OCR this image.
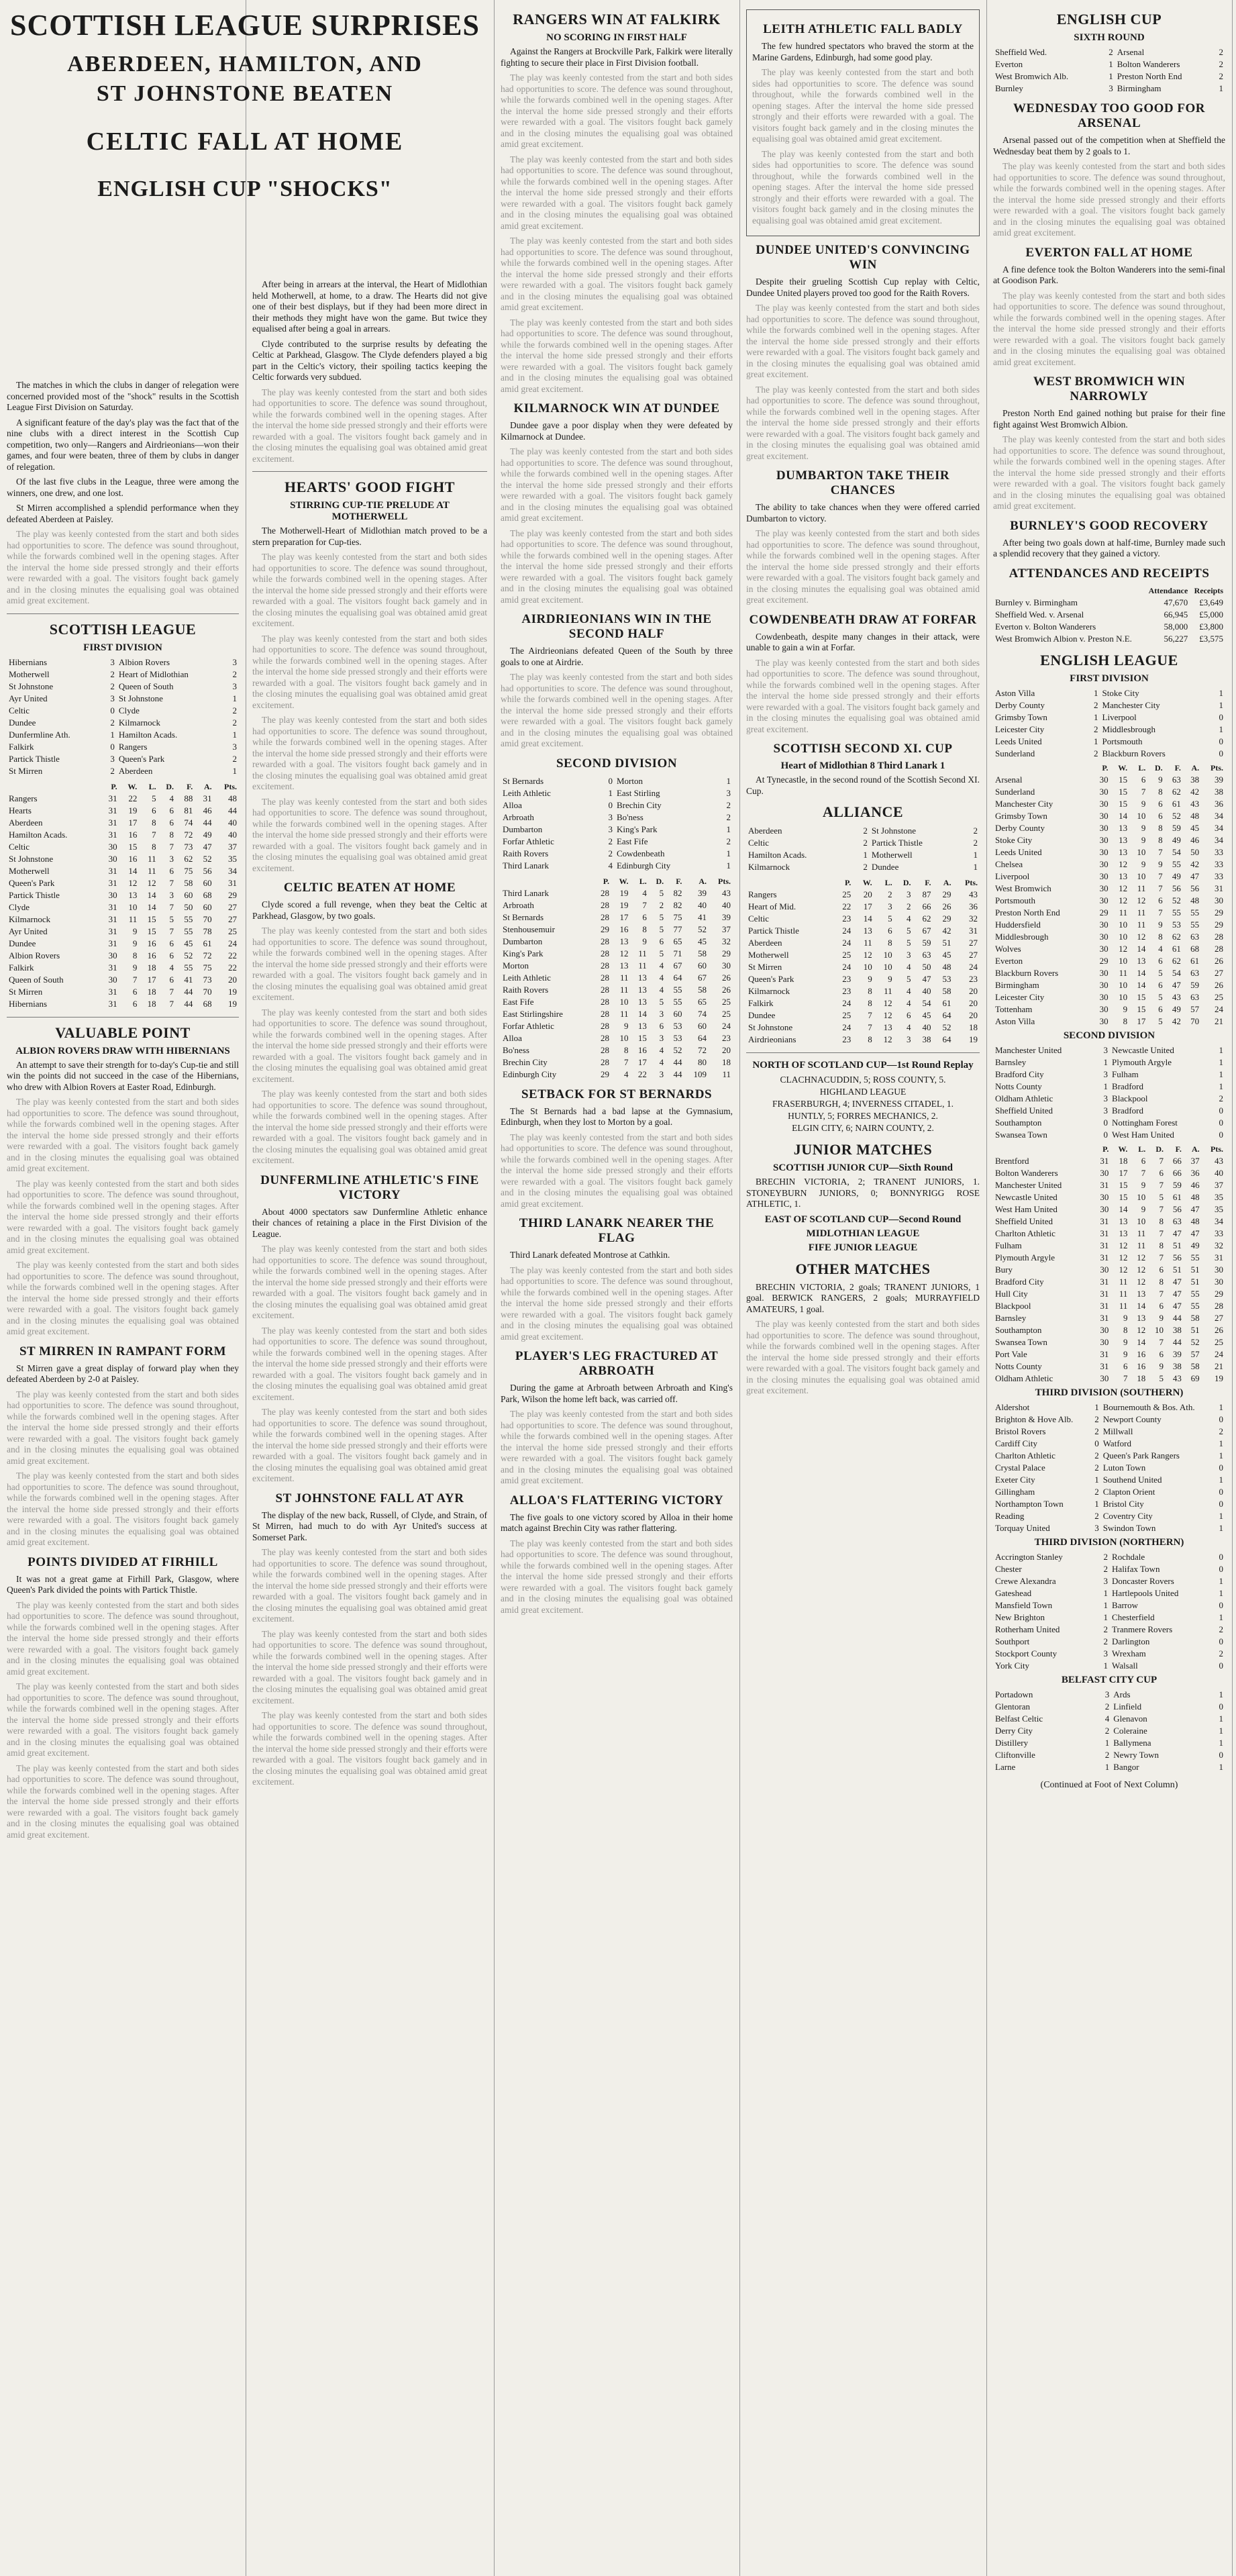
SCOTTISH LEAGUE SURPRISES
ABERDEEN, HAMILTON, AND
ST JOHNSTONE BEATEN
CELTIC FALL AT HOME
ENGLISH CUP "SHOCKS"

The matches in which the clubs in danger of relegation were concerned provided most of the "shock" results in the Scottish League First Division on Saturday.

A significant feature of the day's play was the fact that of the nine clubs with a direct interest in the Scottish Cup competition, two only—Rangers and Airdrieonians—won their games, and four were beaten, three of them by clubs in danger of relegation.

Of the last five clubs in the League, three were among the winners, one drew, and one lost.

St Mirren accomplished a splendid performance when they defeated Aberdeen at Paisley.

The play was keenly contested from the start and both sides had opportunities to score. The defence was sound throughout, while the forwards combined well in the opening stages. After the interval the home side pressed strongly and their efforts were rewarded with a goal. The visitors fought back gamely and in the closing minutes the equalising goal was obtained amid great excitement.

SCOTTISH LEAGUE
FIRST DIVISION
Hibernians	3	Albion Rovers	3
Motherwell	2	Heart of Midlothian	2
St Johnstone	2	Queen of South	3
Ayr United	3	St Johnstone	1
Celtic	0	Clyde	2
Dundee	2	Kilmarnock	2
Dunfermline Ath.	1	Hamilton Acads.	1
Falkirk	0	Rangers	3
Partick Thistle	3	Queen's Park	2
St Mirren	2	Aberdeen	1
	P.	W.	L.	D.	F.	A.	Pts.
Rangers	31	22	5	4	88	31	48
Hearts	31	19	6	6	81	46	44
Aberdeen	31	17	8	6	74	44	40
Hamilton Acads.	31	16	7	8	72	49	40
Celtic	30	15	8	7	73	47	37
St Johnstone	30	16	11	3	62	52	35
Motherwell	31	14	11	6	75	56	34
Queen's Park	31	12	12	7	58	60	31
Partick Thistle	30	13	14	3	60	68	29
Clyde	31	10	14	7	50	60	27
Kilmarnock	31	11	15	5	55	70	27
Ayr United	31	9	15	7	55	78	25
Dundee	31	9	16	6	45	61	24
Albion Rovers	30	8	16	6	52	72	22
Falkirk	31	9	18	4	55	75	22
Queen of South	30	7	17	6	41	73	20
St Mirren	31	6	18	7	44	70	19
Hibernians	31	6	18	7	44	68	19
VALUABLE POINT
ALBION ROVERS DRAW WITH HIBERNIANS

An attempt to save their strength for to-day's Cup-tie and still win the points did not succeed in the case of the Hibernians, who drew with Albion Rovers at Easter Road, Edinburgh.

The play was keenly contested from the start and both sides had opportunities to score. The defence was sound throughout, while the forwards combined well in the opening stages. After the interval the home side pressed strongly and their efforts were rewarded with a goal. The visitors fought back gamely and in the closing minutes the equalising goal was obtained amid great excitement.

The play was keenly contested from the start and both sides had opportunities to score. The defence was sound throughout, while the forwards combined well in the opening stages. After the interval the home side pressed strongly and their efforts were rewarded with a goal. The visitors fought back gamely and in the closing minutes the equalising goal was obtained amid great excitement.

The play was keenly contested from the start and both sides had opportunities to score. The defence was sound throughout, while the forwards combined well in the opening stages. After the interval the home side pressed strongly and their efforts were rewarded with a goal. The visitors fought back gamely and in the closing minutes the equalising goal was obtained amid great excitement.

ST MIRREN IN RAMPANT FORM

St Mirren gave a great display of forward play when they defeated Aberdeen by 2-0 at Paisley.

The play was keenly contested from the start and both sides had opportunities to score. The defence was sound throughout, while the forwards combined well in the opening stages. After the interval the home side pressed strongly and their efforts were rewarded with a goal. The visitors fought back gamely and in the closing minutes the equalising goal was obtained amid great excitement.

The play was keenly contested from the start and both sides had opportunities to score. The defence was sound throughout, while the forwards combined well in the opening stages. After the interval the home side pressed strongly and their efforts were rewarded with a goal. The visitors fought back gamely and in the closing minutes the equalising goal was obtained amid great excitement.

POINTS DIVIDED AT FIRHILL

It was not a great game at Firhill Park, Glasgow, where Queen's Park divided the points with Partick Thistle.

The play was keenly contested from the start and both sides had opportunities to score. The defence was sound throughout, while the forwards combined well in the opening stages. After the interval the home side pressed strongly and their efforts were rewarded with a goal. The visitors fought back gamely and in the closing minutes the equalising goal was obtained amid great excitement.

The play was keenly contested from the start and both sides had opportunities to score. The defence was sound throughout, while the forwards combined well in the opening stages. After the interval the home side pressed strongly and their efforts were rewarded with a goal. The visitors fought back gamely and in the closing minutes the equalising goal was obtained amid great excitement.

The play was keenly contested from the start and both sides had opportunities to score. The defence was sound throughout, while the forwards combined well in the opening stages. After the interval the home side pressed strongly and their efforts were rewarded with a goal. The visitors fought back gamely and in the closing minutes the equalising goal was obtained amid great excitement.

After being in arrears at the interval, the Heart of Midlothian held Motherwell, at home, to a draw. The Hearts did not give one of their best displays, but if they had been more direct in their methods they might have won the game. But twice they equalised after being a goal in arrears.

Clyde contributed to the surprise results by defeating the Celtic at Parkhead, Glasgow. The Clyde defenders played a big part in the Celtic's victory, their spoiling tactics keeping the Celtic forwards very subdued.

The play was keenly contested from the start and both sides had opportunities to score. The defence was sound throughout, while the forwards combined well in the opening stages. After the interval the home side pressed strongly and their efforts were rewarded with a goal. The visitors fought back gamely and in the closing minutes the equalising goal was obtained amid great excitement.

HEARTS' GOOD FIGHT
STIRRING CUP-TIE PRELUDE AT MOTHERWELL

The Motherwell-Heart of Midlothian match proved to be a stern preparation for Cup-ties.

The play was keenly contested from the start and both sides had opportunities to score. The defence was sound throughout, while the forwards combined well in the opening stages. After the interval the home side pressed strongly and their efforts were rewarded with a goal. The visitors fought back gamely and in the closing minutes the equalising goal was obtained amid great excitement.

The play was keenly contested from the start and both sides had opportunities to score. The defence was sound throughout, while the forwards combined well in the opening stages. After the interval the home side pressed strongly and their efforts were rewarded with a goal. The visitors fought back gamely and in the closing minutes the equalising goal was obtained amid great excitement.

The play was keenly contested from the start and both sides had opportunities to score. The defence was sound throughout, while the forwards combined well in the opening stages. After the interval the home side pressed strongly and their efforts were rewarded with a goal. The visitors fought back gamely and in the closing minutes the equalising goal was obtained amid great excitement.

The play was keenly contested from the start and both sides had opportunities to score. The defence was sound throughout, while the forwards combined well in the opening stages. After the interval the home side pressed strongly and their efforts were rewarded with a goal. The visitors fought back gamely and in the closing minutes the equalising goal was obtained amid great excitement.

CELTIC BEATEN AT HOME

Clyde scored a full revenge, when they beat the Celtic at Parkhead, Glasgow, by two goals.

The play was keenly contested from the start and both sides had opportunities to score. The defence was sound throughout, while the forwards combined well in the opening stages. After the interval the home side pressed strongly and their efforts were rewarded with a goal. The visitors fought back gamely and in the closing minutes the equalising goal was obtained amid great excitement.

The play was keenly contested from the start and both sides had opportunities to score. The defence was sound throughout, while the forwards combined well in the opening stages. After the interval the home side pressed strongly and their efforts were rewarded with a goal. The visitors fought back gamely and in the closing minutes the equalising goal was obtained amid great excitement.

The play was keenly contested from the start and both sides had opportunities to score. The defence was sound throughout, while the forwards combined well in the opening stages. After the interval the home side pressed strongly and their efforts were rewarded with a goal. The visitors fought back gamely and in the closing minutes the equalising goal was obtained amid great excitement.

DUNFERMLINE ATHLETIC'S FINE VICTORY

About 4000 spectators saw Dunfermline Athletic enhance their chances of retaining a place in the First Division of the League.

The play was keenly contested from the start and both sides had opportunities to score. The defence was sound throughout, while the forwards combined well in the opening stages. After the interval the home side pressed strongly and their efforts were rewarded with a goal. The visitors fought back gamely and in the closing minutes the equalising goal was obtained amid great excitement.

The play was keenly contested from the start and both sides had opportunities to score. The defence was sound throughout, while the forwards combined well in the opening stages. After the interval the home side pressed strongly and their efforts were rewarded with a goal. The visitors fought back gamely and in the closing minutes the equalising goal was obtained amid great excitement.

The play was keenly contested from the start and both sides had opportunities to score. The defence was sound throughout, while the forwards combined well in the opening stages. After the interval the home side pressed strongly and their efforts were rewarded with a goal. The visitors fought back gamely and in the closing minutes the equalising goal was obtained amid great excitement.

ST JOHNSTONE FALL AT AYR

The display of the new back, Russell, of Clyde, and Strain, of St Mirren, had much to do with Ayr United's success at Somerset Park.

The play was keenly contested from the start and both sides had opportunities to score. The defence was sound throughout, while the forwards combined well in the opening stages. After the interval the home side pressed strongly and their efforts were rewarded with a goal. The visitors fought back gamely and in the closing minutes the equalising goal was obtained amid great excitement.

The play was keenly contested from the start and both sides had opportunities to score. The defence was sound throughout, while the forwards combined well in the opening stages. After the interval the home side pressed strongly and their efforts were rewarded with a goal. The visitors fought back gamely and in the closing minutes the equalising goal was obtained amid great excitement.

The play was keenly contested from the start and both sides had opportunities to score. The defence was sound throughout, while the forwards combined well in the opening stages. After the interval the home side pressed strongly and their efforts were rewarded with a goal. The visitors fought back gamely and in the closing minutes the equalising goal was obtained amid great excitement.

RANGERS WIN AT FALKIRK
NO SCORING IN FIRST HALF

Against the Rangers at Brockville Park, Falkirk were literally fighting to secure their place in First Division football.

The play was keenly contested from the start and both sides had opportunities to score. The defence was sound throughout, while the forwards combined well in the opening stages. After the interval the home side pressed strongly and their efforts were rewarded with a goal. The visitors fought back gamely and in the closing minutes the equalising goal was obtained amid great excitement.

The play was keenly contested from the start and both sides had opportunities to score. The defence was sound throughout, while the forwards combined well in the opening stages. After the interval the home side pressed strongly and their efforts were rewarded with a goal. The visitors fought back gamely and in the closing minutes the equalising goal was obtained amid great excitement.

The play was keenly contested from the start and both sides had opportunities to score. The defence was sound throughout, while the forwards combined well in the opening stages. After the interval the home side pressed strongly and their efforts were rewarded with a goal. The visitors fought back gamely and in the closing minutes the equalising goal was obtained amid great excitement.

The play was keenly contested from the start and both sides had opportunities to score. The defence was sound throughout, while the forwards combined well in the opening stages. After the interval the home side pressed strongly and their efforts were rewarded with a goal. The visitors fought back gamely and in the closing minutes the equalising goal was obtained amid great excitement.

KILMARNOCK WIN AT DUNDEE

Dundee gave a poor display when they were defeated by Kilmarnock at Dundee.

The play was keenly contested from the start and both sides had opportunities to score. The defence was sound throughout, while the forwards combined well in the opening stages. After the interval the home side pressed strongly and their efforts were rewarded with a goal. The visitors fought back gamely and in the closing minutes the equalising goal was obtained amid great excitement.

The play was keenly contested from the start and both sides had opportunities to score. The defence was sound throughout, while the forwards combined well in the opening stages. After the interval the home side pressed strongly and their efforts were rewarded with a goal. The visitors fought back gamely and in the closing minutes the equalising goal was obtained amid great excitement.

AIRDRIEONIANS WIN IN THE SECOND HALF

The Airdrieonians defeated Queen of the South by three goals to one at Airdrie.

The play was keenly contested from the start and both sides had opportunities to score. The defence was sound throughout, while the forwards combined well in the opening stages. After the interval the home side pressed strongly and their efforts were rewarded with a goal. The visitors fought back gamely and in the closing minutes the equalising goal was obtained amid great excitement.

SECOND DIVISION
St Bernards	0	Morton	1
Leith Athletic	1	East Stirling	3
Alloa	0	Brechin City	2
Arbroath	3	Bo'ness	2
Dumbarton	3	King's Park	1
Forfar Athletic	2	East Fife	2
Raith Rovers	2	Cowdenbeath	1
Third Lanark	4	Edinburgh City	1
	P.	W.	L.	D.	F.	A.	Pts.
Third Lanark	28	19	4	5	82	39	43
Arbroath	28	19	7	2	82	40	40
St Bernards	28	17	6	5	75	41	39
Stenhousemuir	29	16	8	5	77	52	37
Dumbarton	28	13	9	6	65	45	32
King's Park	28	12	11	5	71	58	29
Morton	28	13	11	4	67	60	30
Leith Athletic	28	11	13	4	64	67	26
Raith Rovers	28	11	13	4	55	58	26
East Fife	28	10	13	5	55	65	25
East Stirlingshire	28	11	14	3	60	74	25
Forfar Athletic	28	9	13	6	53	60	24
Alloa	28	10	15	3	53	64	23
Bo'ness	28	8	16	4	52	72	20
Brechin City	28	7	17	4	44	80	18
Edinburgh City	29	4	22	3	44	109	11
SETBACK FOR ST BERNARDS

The St Bernards had a bad lapse at the Gymnasium, Edinburgh, when they lost to Morton by a goal.

The play was keenly contested from the start and both sides had opportunities to score. The defence was sound throughout, while the forwards combined well in the opening stages. After the interval the home side pressed strongly and their efforts were rewarded with a goal. The visitors fought back gamely and in the closing minutes the equalising goal was obtained amid great excitement.

THIRD LANARK NEARER THE FLAG

Third Lanark defeated Montrose at Cathkin.

The play was keenly contested from the start and both sides had opportunities to score. The defence was sound throughout, while the forwards combined well in the opening stages. After the interval the home side pressed strongly and their efforts were rewarded with a goal. The visitors fought back gamely and in the closing minutes the equalising goal was obtained amid great excitement.

PLAYER'S LEG FRACTURED AT ARBROATH

During the game at Arbroath between Arbroath and King's Park, Wilson the home left back, was carried off.

The play was keenly contested from the start and both sides had opportunities to score. The defence was sound throughout, while the forwards combined well in the opening stages. After the interval the home side pressed strongly and their efforts were rewarded with a goal. The visitors fought back gamely and in the closing minutes the equalising goal was obtained amid great excitement.

ALLOA'S FLATTERING VICTORY

The five goals to one victory scored by Alloa in their home match against Brechin City was rather flattering.

The play was keenly contested from the start and both sides had opportunities to score. The defence was sound throughout, while the forwards combined well in the opening stages. After the interval the home side pressed strongly and their efforts were rewarded with a goal. The visitors fought back gamely and in the closing minutes the equalising goal was obtained amid great excitement.

LEITH ATHLETIC FALL BADLY

The few hundred spectators who braved the storm at the Marine Gardens, Edinburgh, had some good play.

The play was keenly contested from the start and both sides had opportunities to score. The defence was sound throughout, while the forwards combined well in the opening stages. After the interval the home side pressed strongly and their efforts were rewarded with a goal. The visitors fought back gamely and in the closing minutes the equalising goal was obtained amid great excitement.

The play was keenly contested from the start and both sides had opportunities to score. The defence was sound throughout, while the forwards combined well in the opening stages. After the interval the home side pressed strongly and their efforts were rewarded with a goal. The visitors fought back gamely and in the closing minutes the equalising goal was obtained amid great excitement.

DUNDEE UNITED'S CONVINCING WIN

Despite their grueling Scottish Cup replay with Celtic, Dundee United players proved too good for the Raith Rovers.

The play was keenly contested from the start and both sides had opportunities to score. The defence was sound throughout, while the forwards combined well in the opening stages. After the interval the home side pressed strongly and their efforts were rewarded with a goal. The visitors fought back gamely and in the closing minutes the equalising goal was obtained amid great excitement.

The play was keenly contested from the start and both sides had opportunities to score. The defence was sound throughout, while the forwards combined well in the opening stages. After the interval the home side pressed strongly and their efforts were rewarded with a goal. The visitors fought back gamely and in the closing minutes the equalising goal was obtained amid great excitement.

DUMBARTON TAKE THEIR CHANCES

The ability to take chances when they were offered carried Dumbarton to victory.

The play was keenly contested from the start and both sides had opportunities to score. The defence was sound throughout, while the forwards combined well in the opening stages. After the interval the home side pressed strongly and their efforts were rewarded with a goal. The visitors fought back gamely and in the closing minutes the equalising goal was obtained amid great excitement.

COWDENBEATH DRAW AT FORFAR

Cowdenbeath, despite many changes in their attack, were unable to gain a win at Forfar.

The play was keenly contested from the start and both sides had opportunities to score. The defence was sound throughout, while the forwards combined well in the opening stages. After the interval the home side pressed strongly and their efforts were rewarded with a goal. The visitors fought back gamely and in the closing minutes the equalising goal was obtained amid great excitement.

SCOTTISH SECOND XI. CUP
Heart of Midlothian 8 Third Lanark 1

At Tynecastle, in the second round of the Scottish Second XI. Cup.

ALLIANCE
Aberdeen	2	St Johnstone	2
Celtic	2	Partick Thistle	2
Hamilton Acads.	1	Motherwell	1
Kilmarnock	2	Dundee	1
	P.	W.	L.	D.	F.	A.	Pts.
Rangers	25	20	2	3	87	29	43
Heart of Mid.	22	17	3	2	66	26	36
Celtic	23	14	5	4	62	29	32
Partick Thistle	24	13	6	5	67	42	31
Aberdeen	24	11	8	5	59	51	27
Motherwell	25	12	10	3	63	45	27
St Mirren	24	10	10	4	50	48	24
Queen's Park	23	9	9	5	47	53	23
Kilmarnock	23	8	11	4	40	58	20
Falkirk	24	8	12	4	54	61	20
Dundee	25	7	12	6	45	64	20
St Johnstone	24	7	13	4	40	52	18
Airdrieonians	23	8	12	3	38	64	19
NORTH OF SCOTLAND CUP—1st Round Replay
CLACHNACUDDIN, 5; ROSS COUNTY, 5.
HIGHLAND LEAGUE
FRASERBURGH, 4; INVERNESS CITADEL, 1.
HUNTLY, 5; FORRES MECHANICS, 2.
ELGIN CITY, 6; NAIRN COUNTY, 2.
JUNIOR MATCHES
SCOTTISH JUNIOR CUP—Sixth Round

BRECHIN VICTORIA, 2; TRANENT JUNIORS, 1. STONEYBURN JUNIORS, 0; BONNYRIGG ROSE ATHLETIC, 1.

EAST OF SCOTLAND CUP—Second Round
MIDLOTHIAN LEAGUE
FIFE JUNIOR LEAGUE
OTHER MATCHES

BRECHIN VICTORIA, 2 goals; TRANENT JUNIORS, 1 goal. BERWICK RANGERS, 2 goals; MURRAYFIELD AMATEURS, 1 goal.

The play was keenly contested from the start and both sides had opportunities to score. The defence was sound throughout, while the forwards combined well in the opening stages. After the interval the home side pressed strongly and their efforts were rewarded with a goal. The visitors fought back gamely and in the closing minutes the equalising goal was obtained amid great excitement.

ENGLISH CUP
SIXTH ROUND
Sheffield Wed.	2	Arsenal	2
Everton	1	Bolton Wanderers	2
West Bromwich Alb.	1	Preston North End	2
Burnley	3	Birmingham	1
WEDNESDAY TOO GOOD FOR ARSENAL

Arsenal passed out of the competition when at Sheffield the Wednesday beat them by 2 goals to 1.

The play was keenly contested from the start and both sides had opportunities to score. The defence was sound throughout, while the forwards combined well in the opening stages. After the interval the home side pressed strongly and their efforts were rewarded with a goal. The visitors fought back gamely and in the closing minutes the equalising goal was obtained amid great excitement.

EVERTON FALL AT HOME

A fine defence took the Bolton Wanderers into the semi-final at Goodison Park.

The play was keenly contested from the start and both sides had opportunities to score. The defence was sound throughout, while the forwards combined well in the opening stages. After the interval the home side pressed strongly and their efforts were rewarded with a goal. The visitors fought back gamely and in the closing minutes the equalising goal was obtained amid great excitement.

WEST BROMWICH WIN NARROWLY

Preston North End gained nothing but praise for their fine fight against West Bromwich Albion.

The play was keenly contested from the start and both sides had opportunities to score. The defence was sound throughout, while the forwards combined well in the opening stages. After the interval the home side pressed strongly and their efforts were rewarded with a goal. The visitors fought back gamely and in the closing minutes the equalising goal was obtained amid great excitement.

BURNLEY'S GOOD RECOVERY

After being two goals down at half-time, Burnley made such a splendid recovery that they gained a victory.

ATTENDANCES AND RECEIPTS
	Attendance	Receipts
Burnley v. Birmingham	47,670	£3,649
Sheffield Wed. v. Arsenal	66,945	£5,000
Everton v. Bolton Wanderers	58,000	£3,800
West Bromwich Albion v. Preston N.E.	56,227	£3,575
ENGLISH LEAGUE
FIRST DIVISION
Aston Villa	1	Stoke City	1
Derby County	2	Manchester City	1
Grimsby Town	1	Liverpool	0
Leicester City	2	Middlesbrough	1
Leeds United	1	Portsmouth	0
Sunderland	2	Blackburn Rovers	0
	P.	W.	L.	D.	F.	A.	Pts.
Arsenal	30	15	6	9	63	38	39
Sunderland	30	15	7	8	62	42	38
Manchester City	30	15	9	6	61	43	36
Grimsby Town	30	14	10	6	52	48	34
Derby County	30	13	9	8	59	45	34
Stoke City	30	13	9	8	49	46	34
Leeds United	30	13	10	7	54	50	33
Chelsea	30	12	9	9	55	42	33
Liverpool	30	13	10	7	49	47	33
West Bromwich	30	12	11	7	56	56	31
Portsmouth	30	12	12	6	52	48	30
Preston North End	29	11	11	7	55	55	29
Huddersfield	30	10	11	9	53	55	29
Middlesbrough	30	10	12	8	62	63	28
Wolves	30	12	14	4	61	68	28
Everton	29	10	13	6	62	61	26
Blackburn Rovers	30	11	14	5	54	63	27
Birmingham	30	10	14	6	47	59	26
Leicester City	30	10	15	5	43	63	25
Tottenham	30	9	15	6	49	57	24
Aston Villa	30	8	17	5	42	70	21
SECOND DIVISION
Manchester United	3	Newcastle United	1
Barnsley	1	Plymouth Argyle	1
Bradford City	3	Fulham	1
Notts County	1	Bradford	1
Oldham Athletic	3	Blackpool	2
Sheffield United	3	Bradford	0
Southampton	0	Nottingham Forest	0
Swansea Town	0	West Ham United	0
	P.	W.	L.	D.	F.	A.	Pts.
Brentford	31	18	6	7	66	37	43
Bolton Wanderers	30	17	7	6	66	36	40
Manchester United	31	15	9	7	59	46	37
Newcastle United	30	15	10	5	61	48	35
West Ham United	30	14	9	7	56	47	35
Sheffield United	31	13	10	8	63	48	34
Charlton Athletic	31	13	11	7	47	47	33
Fulham	31	12	11	8	51	49	32
Plymouth Argyle	31	12	12	7	56	55	31
Bury	30	12	12	6	51	51	30
Bradford City	31	11	12	8	47	51	30
Hull City	31	11	13	7	47	55	29
Blackpool	31	11	14	6	47	55	28
Barnsley	31	9	13	9	44	58	27
Southampton	30	8	12	10	38	51	26
Swansea Town	30	9	14	7	44	52	25
Port Vale	31	9	16	6	39	57	24
Notts County	31	6	16	9	38	58	21
Oldham Athletic	30	7	18	5	43	69	19
THIRD DIVISION (SOUTHERN)
Aldershot	1	Bournemouth & Bos. Ath.	1
Brighton & Hove Alb.	2	Newport County	0
Bristol Rovers	2	Millwall	2
Cardiff City	0	Watford	1
Charlton Athletic	2	Queen's Park Rangers	1
Crystal Palace	2	Luton Town	0
Exeter City	1	Southend United	1
Gillingham	2	Clapton Orient	0
Northampton Town	1	Bristol City	0
Reading	2	Coventry City	1
Torquay United	3	Swindon Town	1
THIRD DIVISION (NORTHERN)
Accrington Stanley	2	Rochdale	0
Chester	2	Halifax Town	0
Crewe Alexandra	3	Doncaster Rovers	1
Gateshead	1	Hartlepools United	1
Mansfield Town	1	Barrow	0
New Brighton	1	Chesterfield	1
Rotherham United	2	Tranmere Rovers	2
Southport	2	Darlington	0
Stockport County	3	Wrexham	2
York City	1	Walsall	0
BELFAST CITY CUP
Portadown	3	Ards	1
Glentoran	2	Linfield	0
Belfast Celtic	4	Glenavon	1
Derry City	2	Coleraine	1
Distillery	1	Ballymena	1
Cliftonville	2	Newry Town	0
Larne	1	Bangor	1
(Continued at Foot of Next Column)
